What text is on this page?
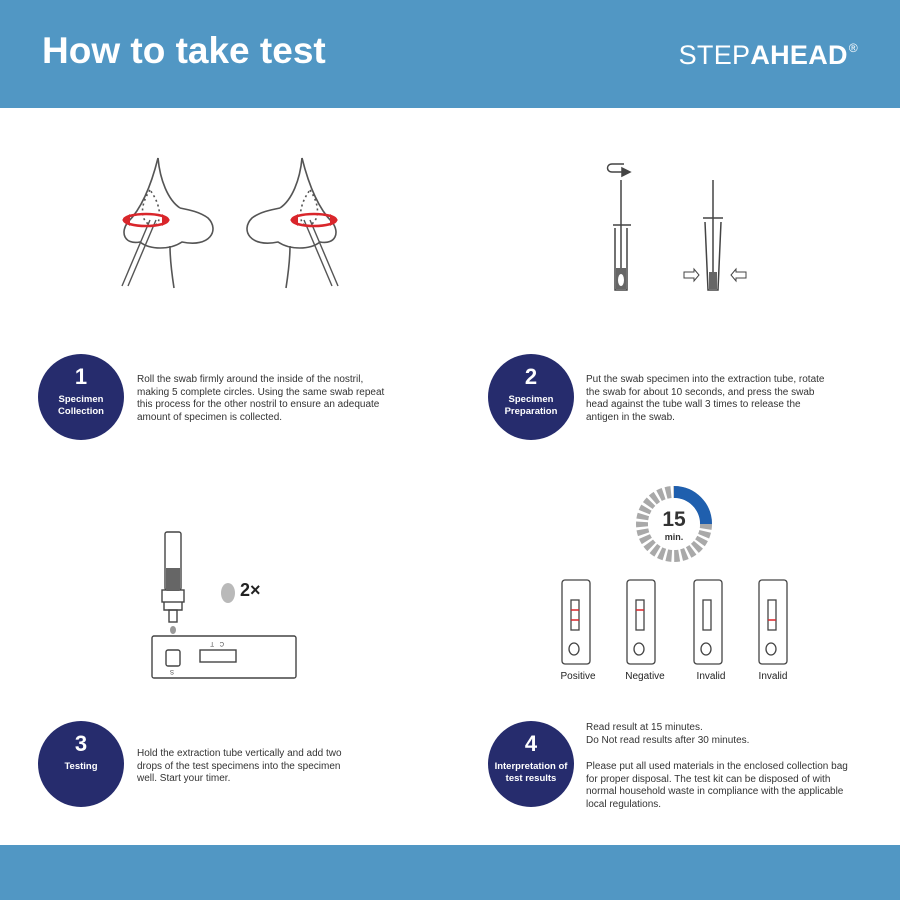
How to take test	STEPAHEAD®
1
Specimen Collection
Roll the swab firmly around the inside of the nostril, making 5 complete circles. Using the same swab repeat this process for the other nostril to ensure an adequate amount of specimen is collected.
2
Specimen Preparation
Put the swab specimen into the extraction tube, rotate the swab for about 10 seconds, and press the swab head against the tube wall 3 times to release the antigen in the swab.
S
C
T
2×
15
min.
Positive	Negative	Invalid	Invalid
3
Testing
Hold the extraction tube vertically and add two drops of the test specimens into the specimen well. Start your timer.
4
Interpretation of test results
Read result at 15 minutes.
Do Not read results after 30 minutes.
Please put all used materials in the enclosed collection bag for proper disposal. The test kit can be disposed of with normal household waste in compliance with the applicable local regulations.
